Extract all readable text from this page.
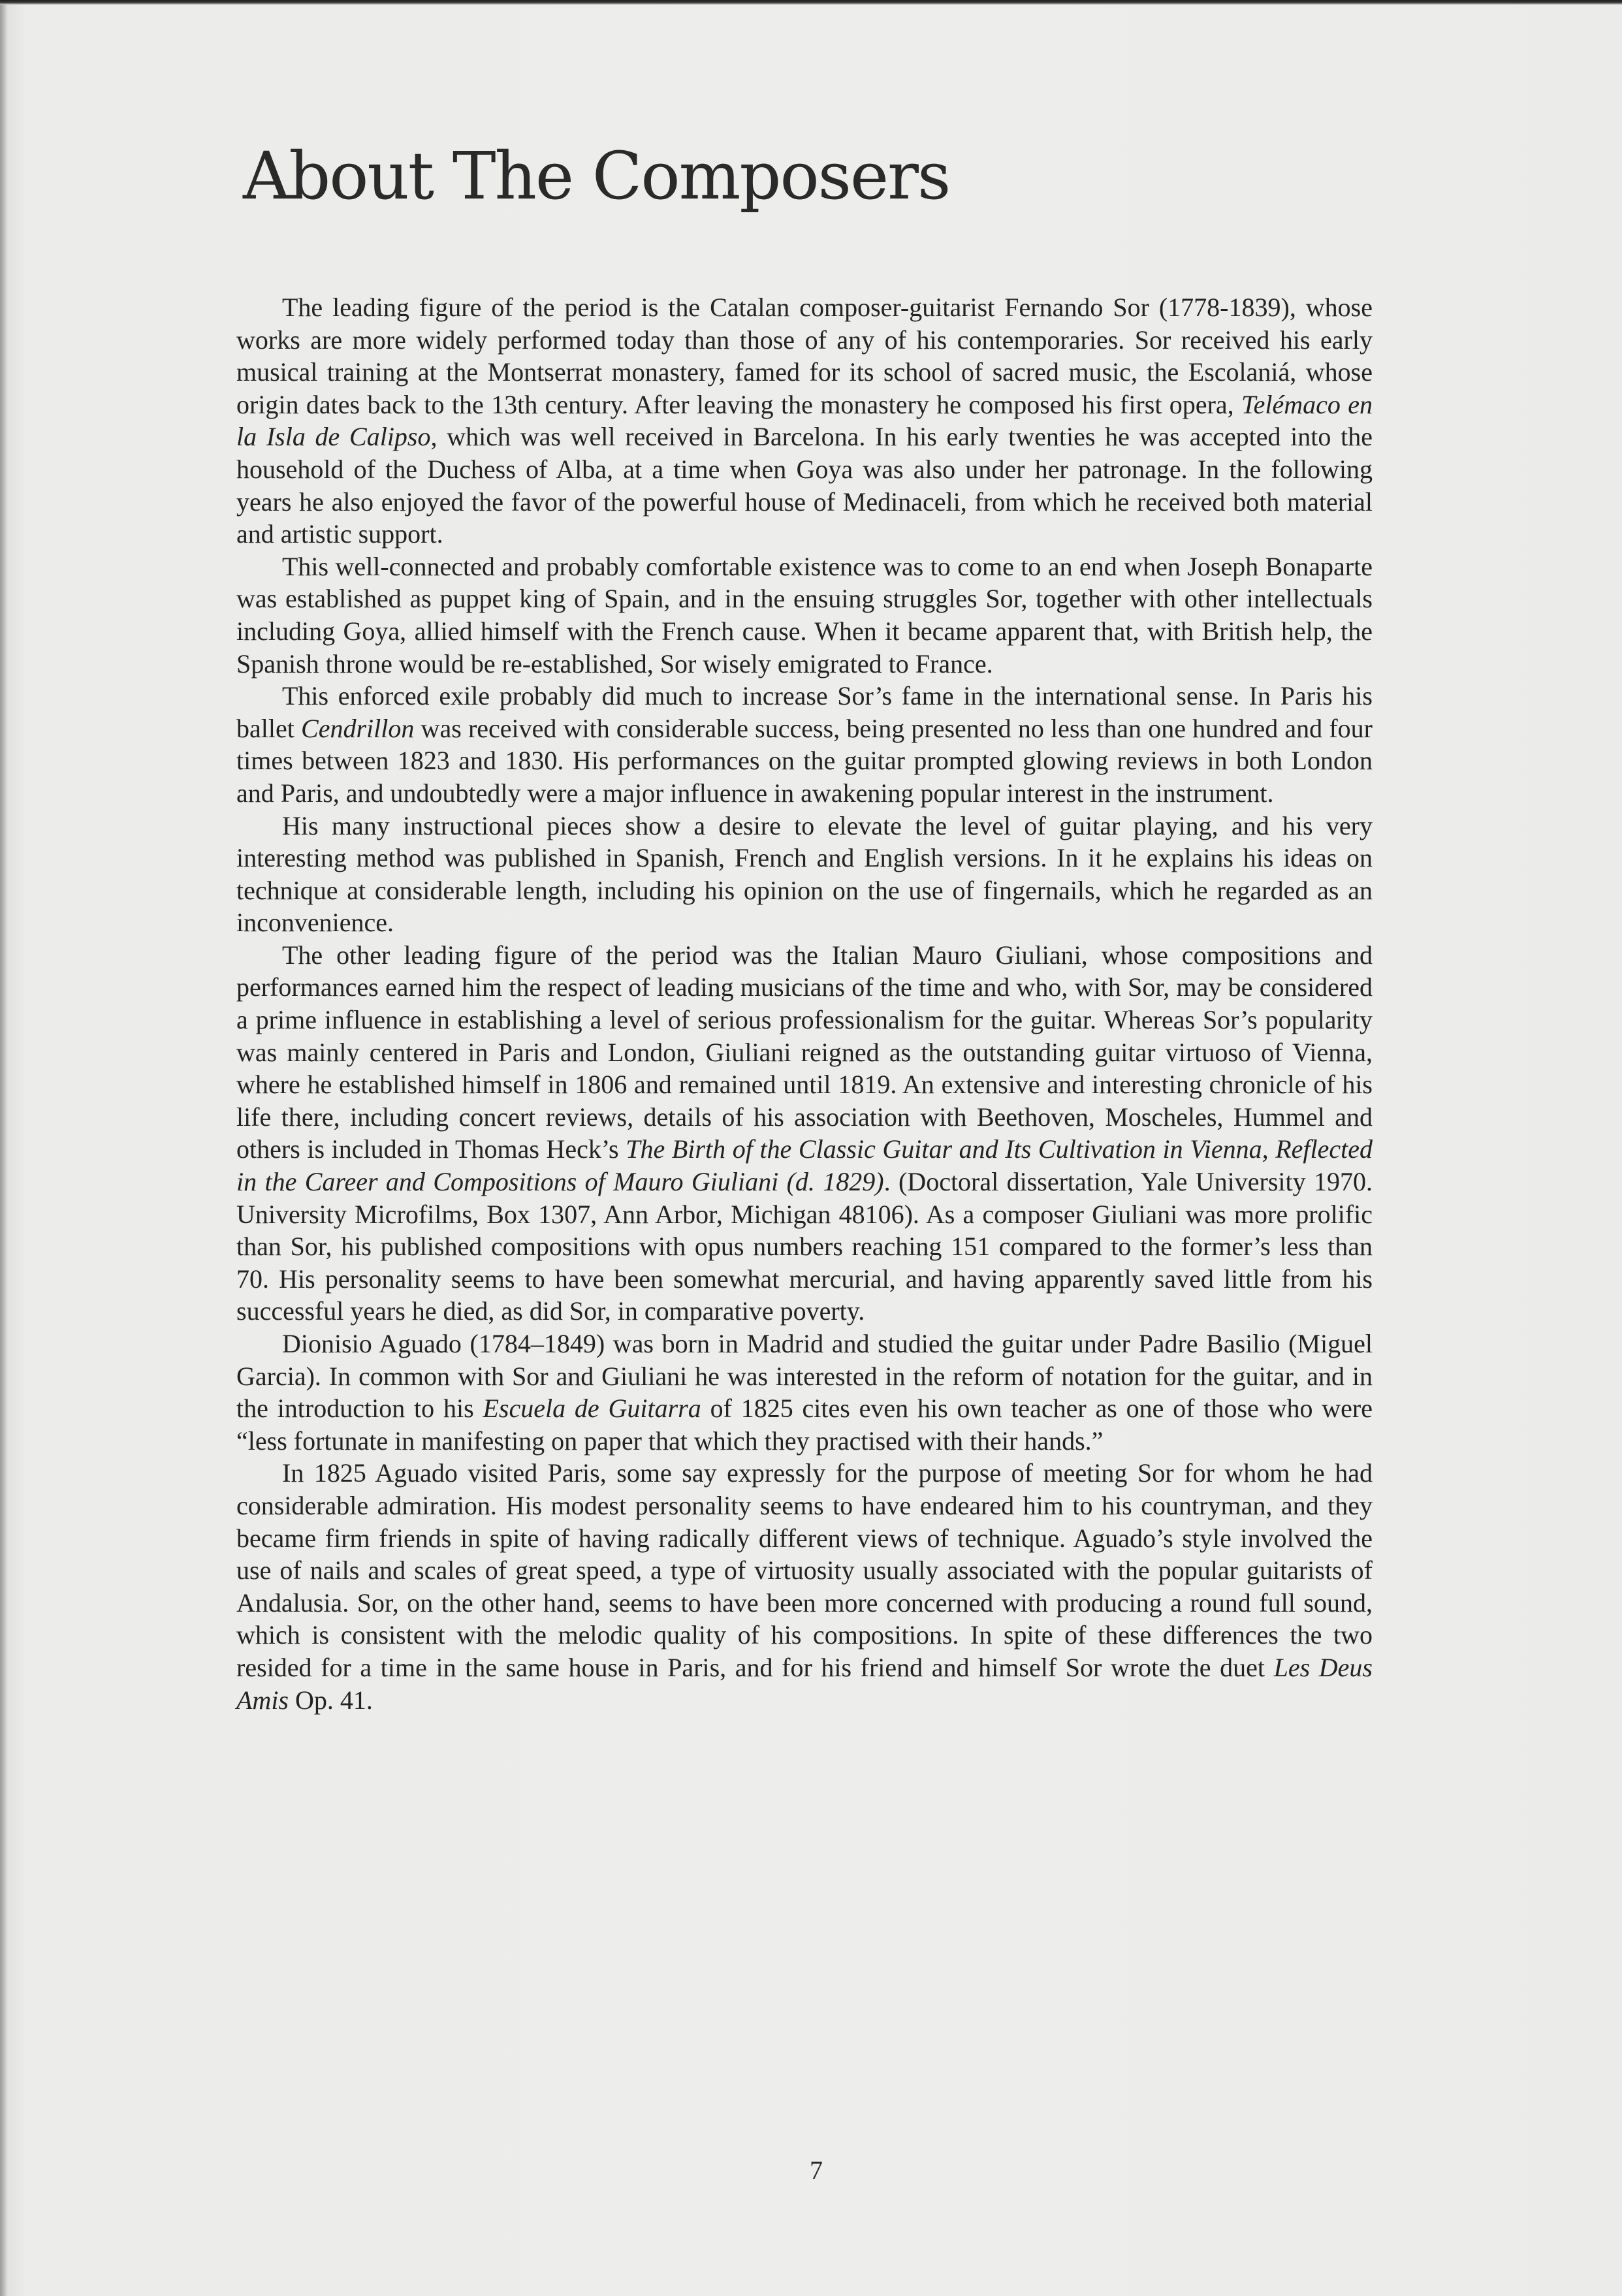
About The Composers

The leading figure of the period is the Catalan composer-guitarist Fernando Sor (1778-1839), whose works are more widely performed today than those of any of his contemporaries. Sor received his early musical training at the Montserrat monastery, famed for its school of sacred music, the Escolaniá, whose origin dates back to the 13th century. After leaving the monastery he composed his first opera, Telémaco en la Isla de Calipso, which was well received in Barcelona. In his early twenties he was accepted into the household of the Duchess of Alba, at a time when Goya was also under her patronage. In the following years he also enjoyed the favor of the powerful house of Medinaceli, from which he received both material and artistic support.

This well-connected and probably comfortable existence was to come to an end when Joseph Bonaparte was established as puppet king of Spain, and in the ensuing struggles Sor, together with other intellectuals including Goya, allied himself with the French cause. When it became apparent that, with British help, the Spanish throne would be re-established, Sor wisely emigrated to France.

This enforced exile probably did much to increase Sor’s fame in the international sense. In Paris his ballet Cendrillon was received with considerable success, being presented no less than one hundred and four times between 1823 and 1830. His performances on the guitar prompted glowing reviews in both London and Paris, and undoubtedly were a major influence in awakening popular interest in the instrument.

His many instructional pieces show a desire to elevate the level of guitar playing, and his very interesting method was published in Spanish, French and English versions. In it he explains his ideas on technique at considerable length, including his opinion on the use of fingernails, which he regarded as an inconvenience.

The other leading figure of the period was the Italian Mauro Giuliani, whose compositions and performances earned him the respect of leading musicians of the time and who, with Sor, may be considered a prime influence in establishing a level of serious professionalism for the guitar. Whereas Sor’s popularity was mainly centered in Paris and London, Giuliani reigned as the outstanding guitar virtuoso of Vienna, where he established himself in 1806 and remained until 1819. An extensive and interesting chronicle of his life there, including concert reviews, details of his association with Beethoven, Moscheles, Hummel and others is included in Thomas Heck’s The Birth of the Classic Guitar and Its Cultivation in Vienna, Reflected in the Career and Compositions of Mauro Giuliani (d. 1829). (Doctoral dissertation, Yale University 1970. University Microfilms, Box 1307, Ann Arbor, Michigan 48106). As a composer Giuliani was more prolific than Sor, his published compositions with opus numbers reaching 151 compared to the former’s less than 70. His personality seems to have been somewhat mercurial, and having apparently saved little from his successful years he died, as did Sor, in comparative poverty.

Dionisio Aguado (1784–1849) was born in Madrid and studied the guitar under Padre Basilio (Miguel Garcia). In common with Sor and Giuliani he was interested in the reform of notation for the guitar, and in the introduction to his Escuela de Guitarra of 1825 cites even his own teacher as one of those who were “less fortunate in manifesting on paper that which they practised with their hands.”

In 1825 Aguado visited Paris, some say expressly for the purpose of meeting Sor for whom he had considerable admiration. His modest personality seems to have endeared him to his countryman, and they became firm friends in spite of having radically different views of technique. Aguado’s style involved the use of nails and scales of great speed, a type of virtuosity usually associated with the popular guitarists of Andalusia. Sor, on the other hand, seems to have been more concerned with producing a round full sound, which is consistent with the melodic quality of his compositions. In spite of these differences the two resided for a time in the same house in Paris, and for his friend and himself Sor wrote the duet Les Deus Amis Op. 41.

7
